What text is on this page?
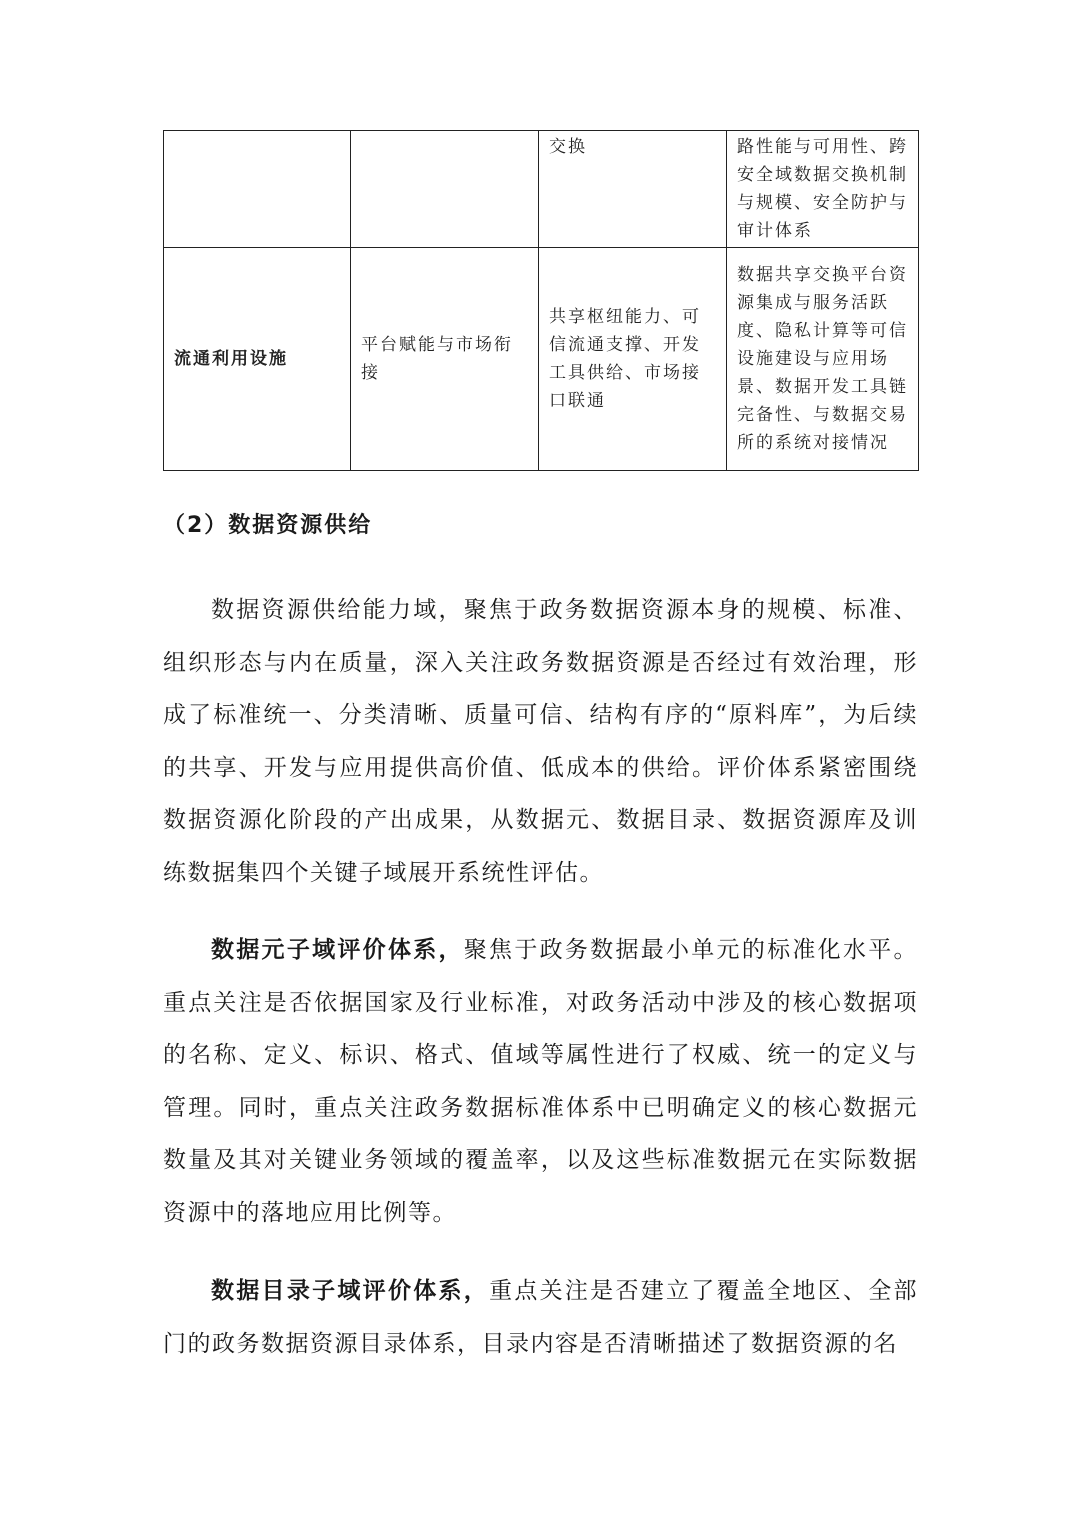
		交换	路性能与可用性、跨安全域数据交换机制与规模、安全防护与审计体系
流通利用设施	平台赋能与市场衔接	共享枢纽能力、可信流通支撑、开发工具供给、市场接口联通	数据共享交换平台资源集成与服务活跃度、隐私计算等可信设施建设与应用场景、数据开发工具链完备性、与数据交易所的系统对接情况
（2）数据资源供给

数据资源供给能力域，聚焦于政务数据资源本身的规模、标准、组织形态与内在质量，深入关注政务数据资源是否经过有效治理，形成了标准统一、分类清晰、质量可信、结构有序的“原料库”，为后续的共享、开发与应用提供高价值、低成本的供给。评价体系紧密围绕数据资源化阶段的产出成果，从数据元、数据目录、数据资源库及训练数据集四个关键子域展开系统性评估。

数据元子域评价体系，聚焦于政务数据最小单元的标准化水平。重点关注是否依据国家及行业标准，对政务活动中涉及的核心数据项的名称、定义、标识、格式、值域等属性进行了权威、统一的定义与管理。同时，重点关注政务数据标准体系中已明确定义的核心数据元数量及其对关键业务领域的覆盖率，以及这些标准数据元在实际数据资源中的落地应用比例等。

数据目录子域评价体系，重点关注是否建立了覆盖全地区、全部门的政务数据资源目录体系，目录内容是否清晰描述了数据资源的名
